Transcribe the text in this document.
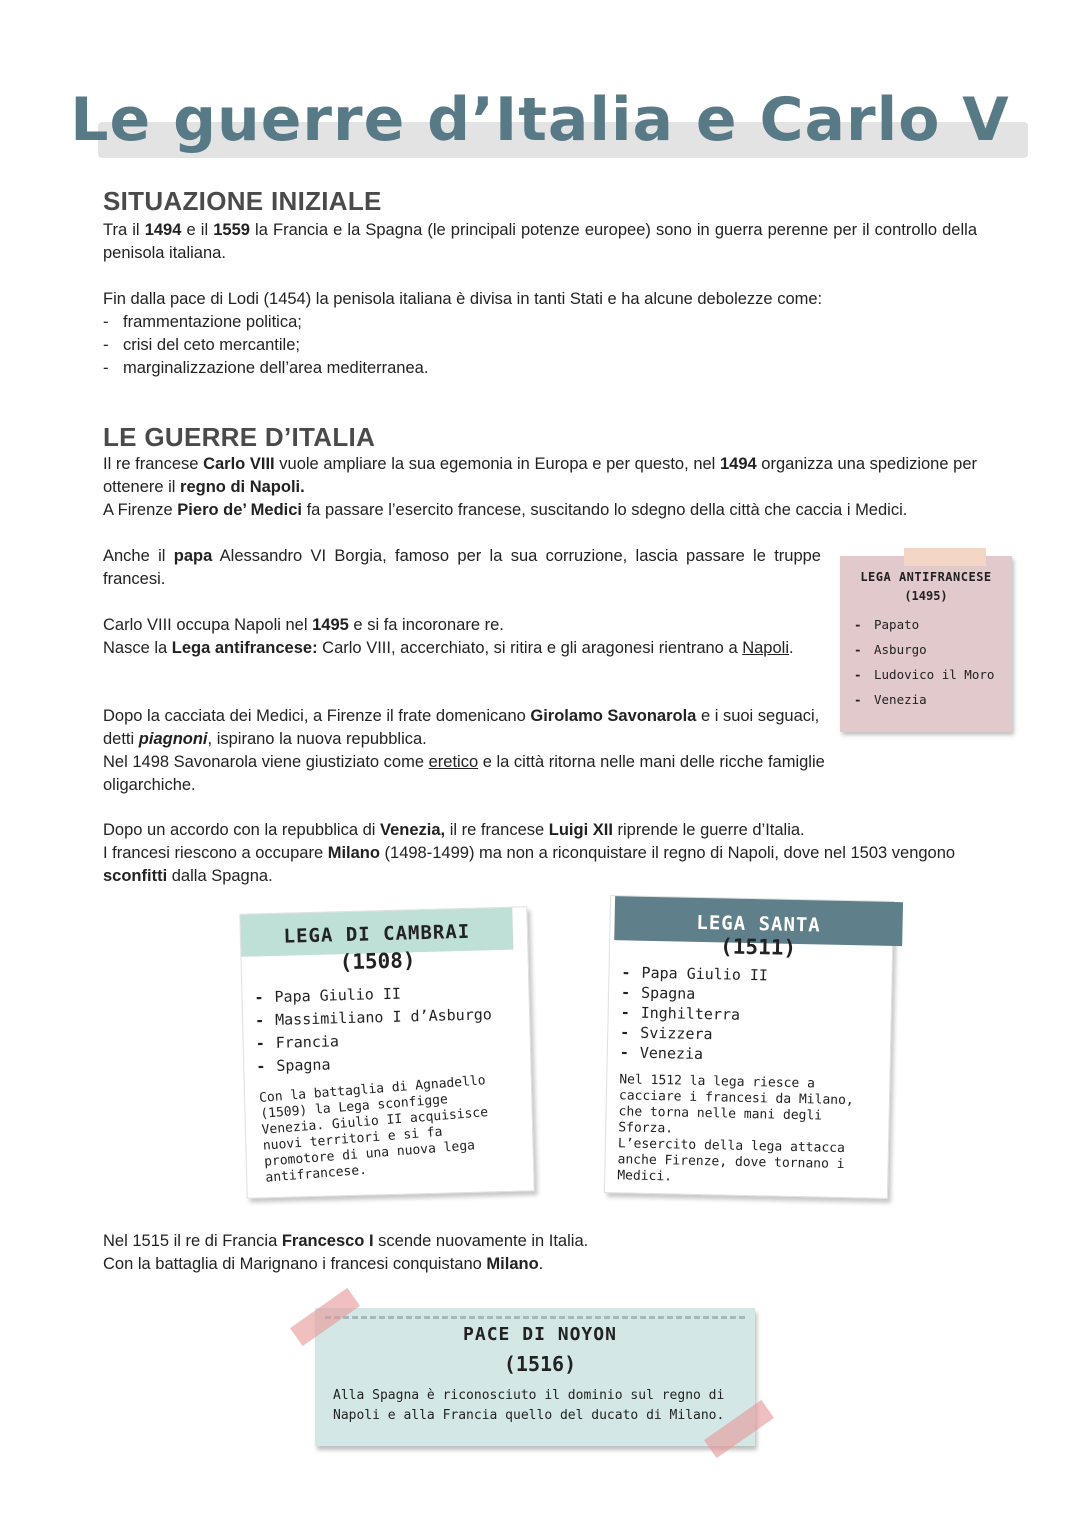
Le guerre d’Italia e Carlo V
SITUAZIONE INIZIALE

Tra il 1494 e il 1559 la Francia e la Spagna (le principali potenze europee) sono in guerra perenne per il controllo della penisola italiana.

Fin dalla pace di Lodi (1454) la penisola italiana è divisa in tanti Stati e ha alcune debolezze come:

- frammentazione politica;
- crisi del ceto mercantile;
- marginalizzazione dell’area mediterranea.
LE GUERRE D’ITALIA

Il re francese Carlo VIII vuole ampliare la sua egemonia in Europa e per questo, nel 1494 organizza una spedizione per ottenere il regno di Napoli.

A Firenze Piero de’ Medici fa passare l’esercito francese, suscitando lo sdegno della città che caccia i Medici.

Anche il papa Alessandro VI Borgia, famoso per la sua corruzione, lascia passare le truppe francesi.

Carlo VIII occupa Napoli nel 1495 e si fa incoronare re.

Nasce la Lega antifrancese: Carlo VIII, accerchiato, si ritira e gli aragonesi rientrano a Napoli.

Dopo la cacciata dei Medici, a Firenze il frate domenicano Girolamo Savonarola e i suoi seguaci, detti piagnoni, ispirano la nuova repubblica.

Nel 1498 Savonarola viene giustiziato come eretico e la città ritorna nelle mani delle ricche famiglie oligarchiche.

Dopo un accordo con la repubblica di Venezia, il re francese Luigi XII riprende le guerre d’Italia.

I francesi riescono a occupare Milano (1498-1499) ma non a riconquistare il regno di Napoli, dove nel 1503 vengono sconfitti dalla Spagna.

LEGA ANTIFRANCESE
(1495)
- Papato
- Asburgo
- Ludovico il Moro
- Venezia
LEGA DI CAMBRAI
(1508)
- Papa Giulio II
- Massimiliano I d’Asburgo
- Francia
- Spagna
Con la battaglia di Agnadello (1509) la Lega sconfigge Venezia. Giulio II acquisisce nuovi territori e si fa promotore di una nuova lega antifrancese.
LEGA SANTA
(1511)
- Papa Giulio II
- Spagna
- Inghilterra
- Svizzera
- Venezia
Nel 1512 la lega riesce a cacciare i francesi da Milano, che torna nelle mani degli Sforza.
L’esercito della lega attacca anche Firenze, dove tornano i Medici.

Nel 1515 il re di Francia Francesco I scende nuovamente in Italia.

Con la battaglia di Marignano i francesi conquistano Milano.

PACE DI NOYON
(1516)
Alla Spagna è riconosciuto il dominio sul regno di Napoli e alla Francia quello del ducato di Milano.
